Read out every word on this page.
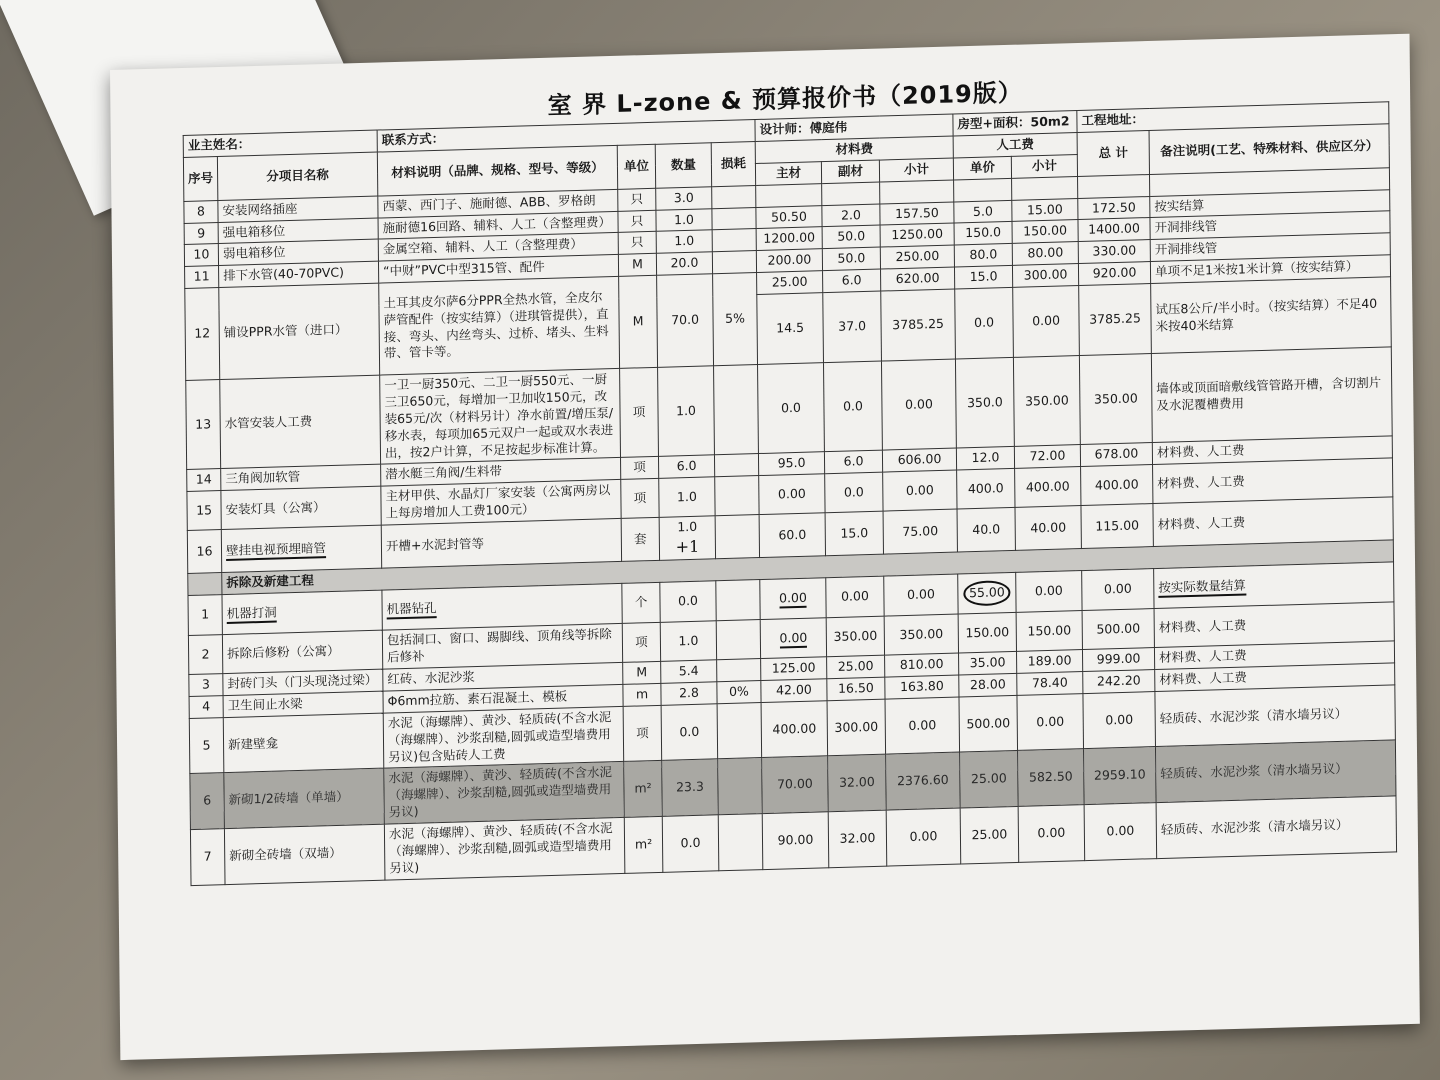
室 界 L-zone & 预算报价书（2019版）
业主姓名：		联系方式：				设计师：傅庭伟			房型+面积：50m2		工程地址：	
序号	分项目名称	材料说明（品牌、规格、型号、等级）	单位	数量	损耗	材料费			人工费		总 计	备注说明(工艺、特殊材料、供应区分）
						主材	副材	小计	单价	小计		
8	安装网络插座	西蒙、西门子、施耐德、ABB、罗格朗	只	3.0								
9	强电箱移位	施耐德16回路、辅料、人工（含整理费）	只	1.0		50.50	2.0	157.50	5.0	15.00	172.50	按实结算
10	弱电箱移位	金属空箱、辅料、人工（含整理费）	只	1.0		1200.00	50.0	1250.00	150.0	150.00	1400.00	开洞排线管
11	排下水管(40-70PVC)	“中财”PVC中型315管、配件	M	20.0		200.00	50.0	250.00	80.0	80.00	330.00	开洞排线管
12	铺设PPR水管（进口）	土耳其皮尔萨6分PPR全热水管，全皮尔萨管配件（按实结算）（进琪管提供），直接、弯头、内丝弯头、过桥、堵头、生料带、管卡等。	M	70.0	5%	25.00	6.0	620.00	15.0	300.00	920.00	单项不足1米按1米计算（按实结算）
						14.5	37.0	3785.25	0.0	0.00	3785.25	试压8公斤/半小时。（按实结算）不足40米按40米结算
13	水管安装人工费	一卫一厨350元、二卫一厨550元、一厨三卫650元，每增加一卫加收150元，改装65元/次（材料另计）净水前置/增压泵/移水表，每项加65元双户一起或双水表进出，按2户计算，不足按起步标准计算。	项	1.0		0.0	0.0	0.00	350.0	350.00	350.00	墙体或顶面暗敷线管管路开槽，含切割片及水泥覆槽费用
14	三角阀加软管	潜水艇三角阀/生料带	项	6.0		95.0	6.0	606.00	12.0	72.00	678.00	材料费、人工费
15	安装灯具（公寓）	主材甲供、水晶灯厂家安装（公寓两房以上每房增加人工费100元）	项	1.0		0.00	0.0	0.00	400.0	400.00	400.00	材料费、人工费
16	壁挂电视预埋暗管	开槽+水泥封管等	套	1.0 +1		60.0	15.0	75.00	40.0	40.00	115.00	材料费、人工费
	拆除及新建工程											
1	机器打洞	机器钻孔	个	0.0		0.00	0.00	0.00	55.00	0.00	0.00	按实际数量结算
2	拆除后修粉（公寓）	包括洞口、窗口、踢脚线、顶角线等拆除后修补	项	1.0		0.00	350.00	350.00	150.00	150.00	500.00	材料费、人工费
3	封砖门头（门头现浇过梁）	红砖、水泥沙浆	M	5.4		125.00	25.00	810.00	35.00	189.00	999.00	材料费、人工费
4	卫生间止水梁	Φ6mm拉筋、素石混凝土、模板	m	2.8	0%	42.00	16.50	163.80	28.00	78.40	242.20	材料费、人工费
5	新建壁龛	水泥（海螺牌）、黄沙、轻质砖(不含水泥（海螺牌）、沙浆刮糙,圆弧或造型墙费用另议)包含贴砖人工费	项	0.0		400.00	300.00	0.00	500.00	0.00	0.00	轻质砖、水泥沙浆（清水墙另议）
6	新砌1/2砖墙（单墙）	水泥（海螺牌）、黄沙、轻质砖(不含水泥（海螺牌）、沙浆刮糙,圆弧或造型墙费用另议)	m²	23.3		70.00	32.00	2376.60	25.00	582.50	2959.10	轻质砖、水泥沙浆（清水墙另议）
7	新砌全砖墙（双墙）	水泥（海螺牌）、黄沙、轻质砖(不含水泥（海螺牌）、沙浆刮糙,圆弧或造型墙费用另议)	m²	0.0		90.00	32.00	0.00	25.00	0.00	0.00	轻质砖、水泥沙浆（清水墙另议）
